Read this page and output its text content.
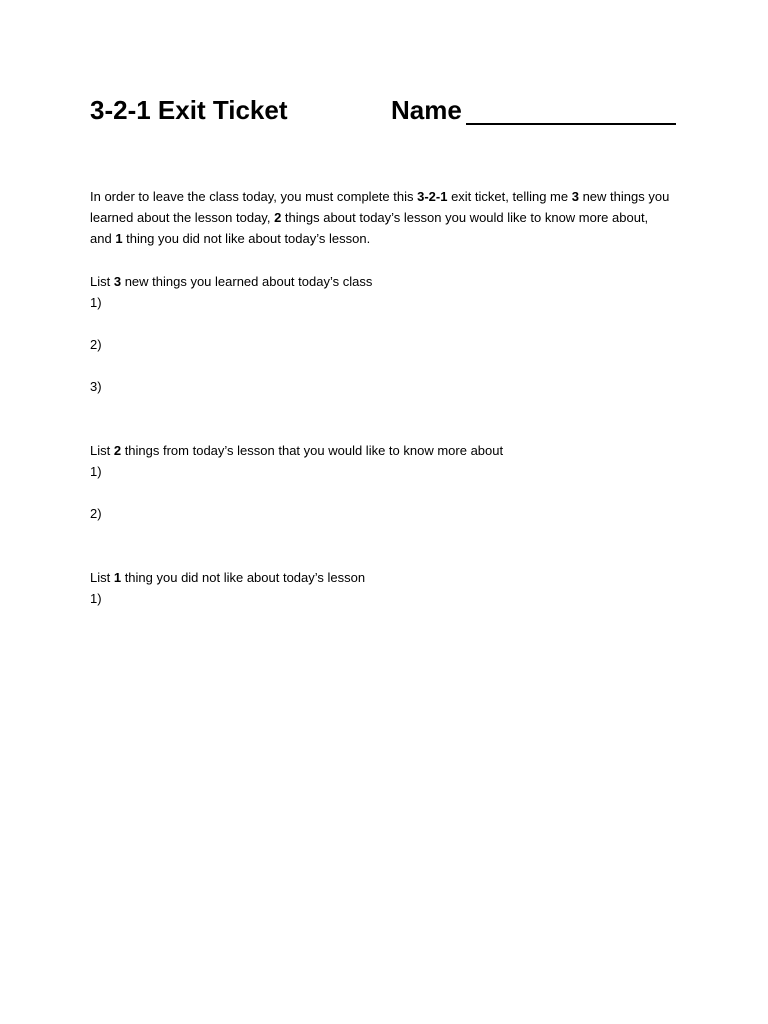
3-2-1 Exit Ticket	Name
In order to leave the class today, you must complete this 3-2-1 exit ticket, telling me 3 new things you learned about the lesson today, 2 things about today’s lesson you would like to know more about, and 1 thing you did not like about today’s lesson.
List 3 new things you learned about today’s class
1)
2)
3)
List 2 things from today’s lesson that you would like to know more about
1)
2)
List 1 thing you did not like about today’s lesson
1)
